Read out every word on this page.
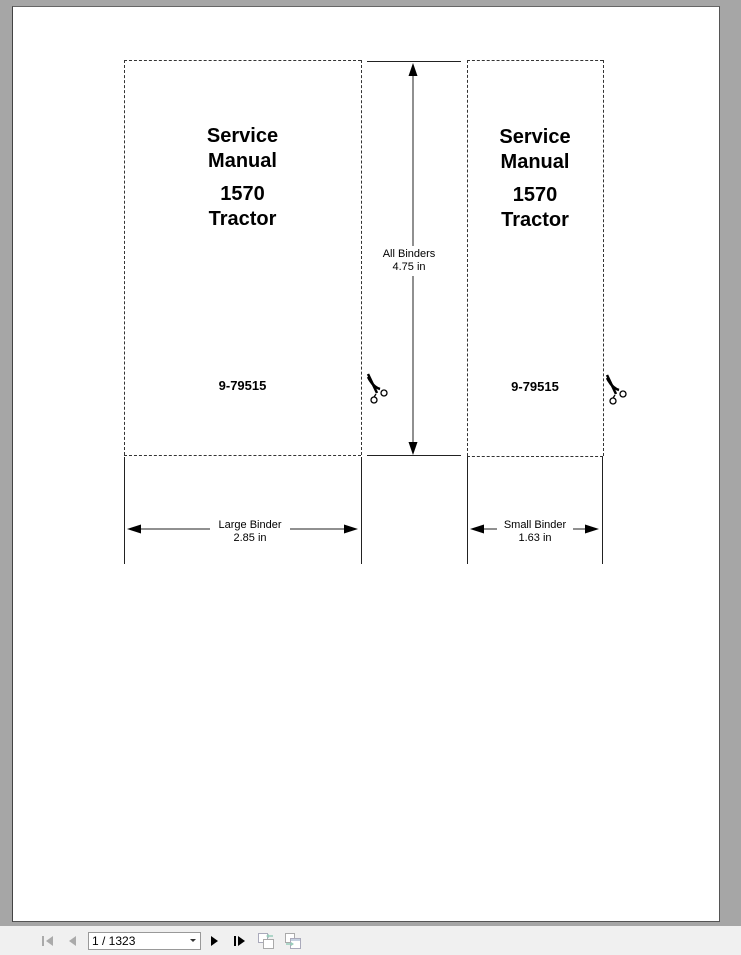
Service
Manual
1570
Tractor
9-79515
Service
Manual
1570
Tractor
9-79515
All Binders
4.75 in
Large Binder
2.85 in
Small Binder
1.63 in
1 / 1323
